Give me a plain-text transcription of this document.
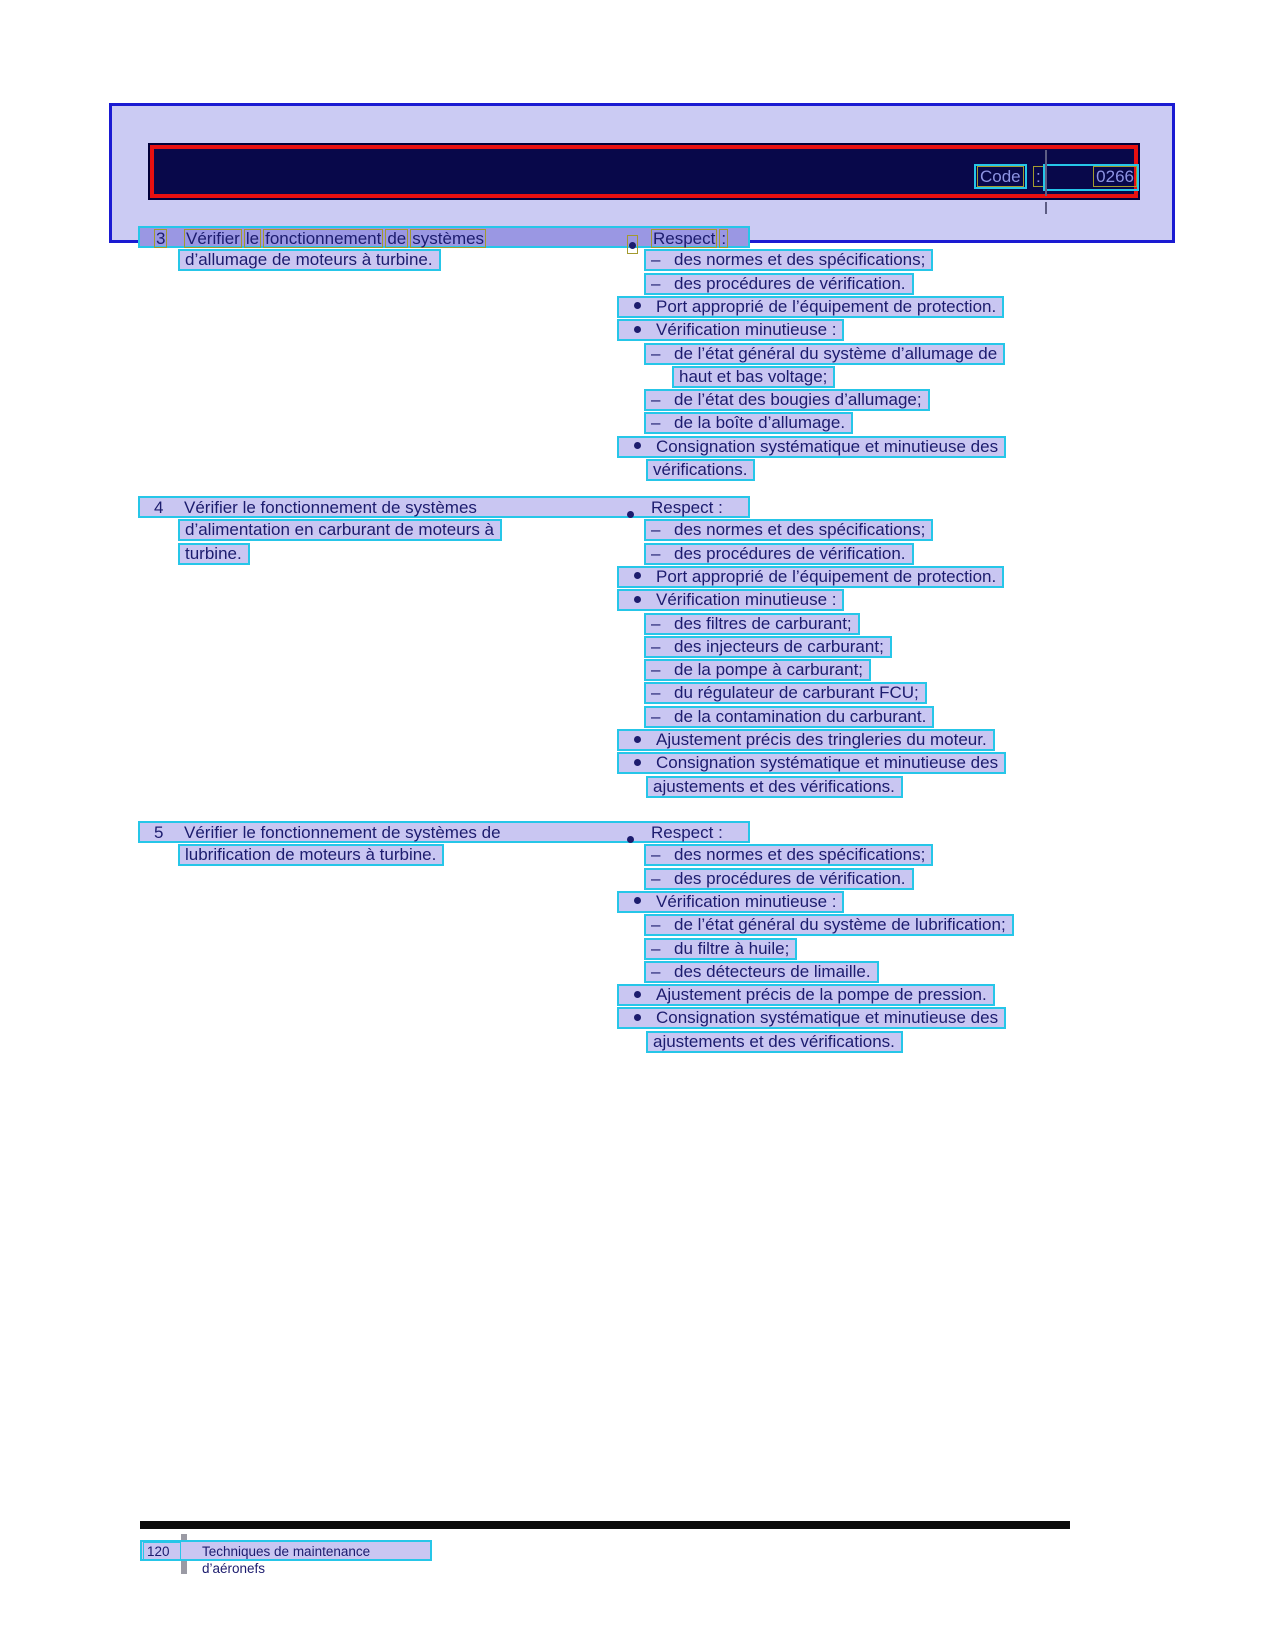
Code :	0266
3 Vérifier le fonctionnement de systèmes	Respect :
d’allumage de moteurs à turbine.	– des normes et des spécifications;
– des procédures de vérification.
Port approprié de l’équipement de protection.
Vérification minutieuse :
– de l’état général du système d’allumage de
haut et bas voltage;
– de l’état des bougies d’allumage;
– de la boîte d’allumage.
Consignation systématique et minutieuse des
vérifications.
4 Vérifier le fonctionnement de systèmes	Respect :
d’alimentation en carburant de moteurs à
turbine.
– des normes et des spécifications;
– des procédures de vérification.
Port approprié de l’équipement de protection.
Vérification minutieuse :
– des filtres de carburant;
– des injecteurs de carburant;
– de la pompe à carburant;
– du régulateur de carburant FCU;
– de la contamination du carburant.
Ajustement précis des tringleries du moteur.
Consignation systématique et minutieuse des
ajustements et des vérifications.
5 Vérifier le fonctionnement de systèmes de	Respect :
lubrification de moteurs à turbine.	– des normes et des spécifications;
– des procédures de vérification.
Vérification minutieuse :
– de l’état général du système de lubrification;
– du filtre à huile;
– des détecteurs de limaille.
Ajustement précis de la pompe de pression.
Consignation systématique et minutieuse des
ajustements et des vérifications.
120	Techniques de maintenance d’aéronefs
